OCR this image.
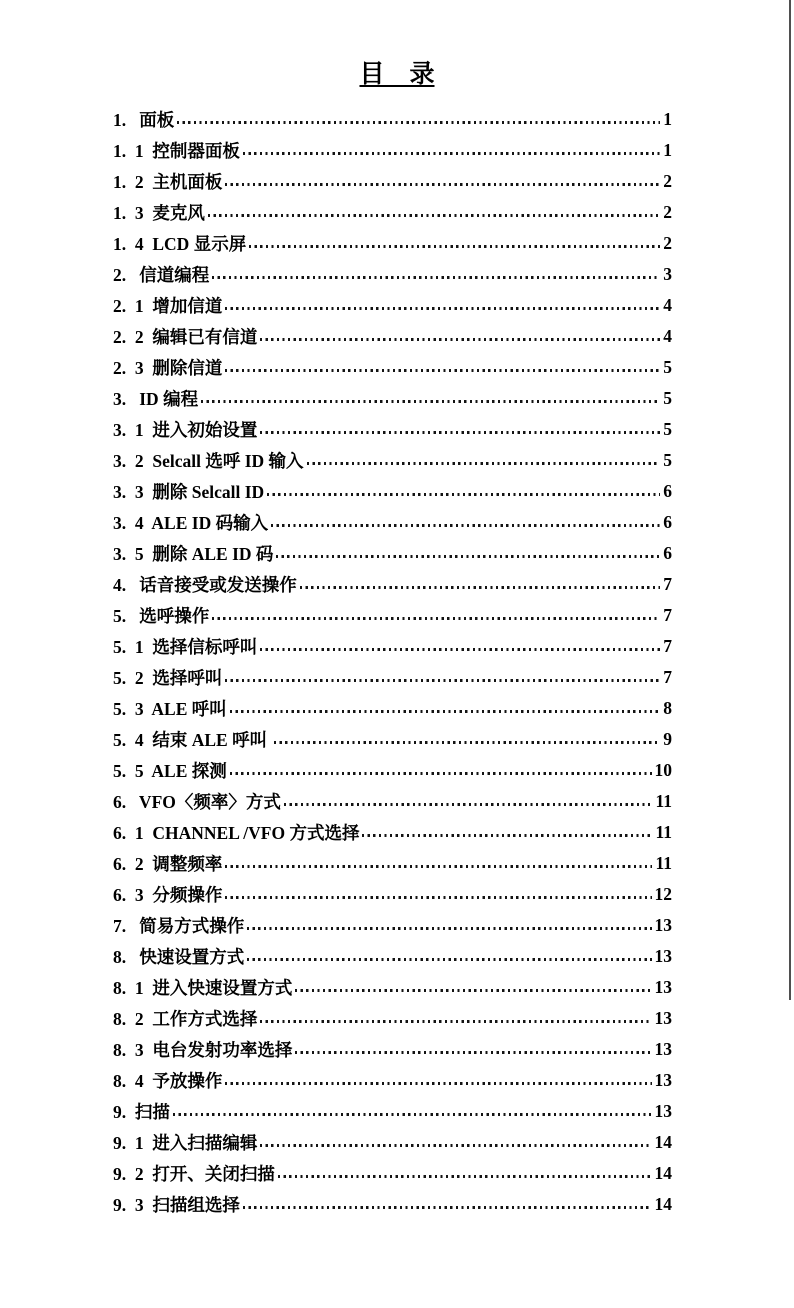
目　录
1.   面板	1
1.  1  控制器面板	1
1.  2  主机面板	2
1.  3  麦克风	2
1.  4  LCD 显示屏	2
2.   信道编程	3
2.  1  增加信道	4
2.  2  编辑已有信道	4
2.  3  删除信道	5
3.   ID 编程	5
3.  1  进入初始设置	5
3.  2  Selcall 选呼 ID 输入	5
3.  3  删除 Selcall ID	6
3.  4  ALE ID 码输入	6
3.  5  删除 ALE ID 码	6
4.   话音接受或发送操作	7
5.   选呼操作	7
5.  1  选择信标呼叫	7
5.  2  选择呼叫	7
5.  3  ALE 呼叫	8
5.  4  结束 ALE 呼叫	9
5.  5  ALE 探测	10
6.   VFO〈频率〉方式	11
6.  1  CHANNEL /VFO 方式选择	11
6.  2  调整频率	11
6.  3  分频操作	12
7.   简易方式操作	13
8.   快速设置方式	13
8.  1  进入快速设置方式	13
8.  2  工作方式选择	13
8.  3  电台发射功率选择	13
8.  4  予放操作	13
9.  扫描	13
9.  1  进入扫描编辑	14
9.  2  打开、关闭扫描	14
9.  3  扫描组选择	14
